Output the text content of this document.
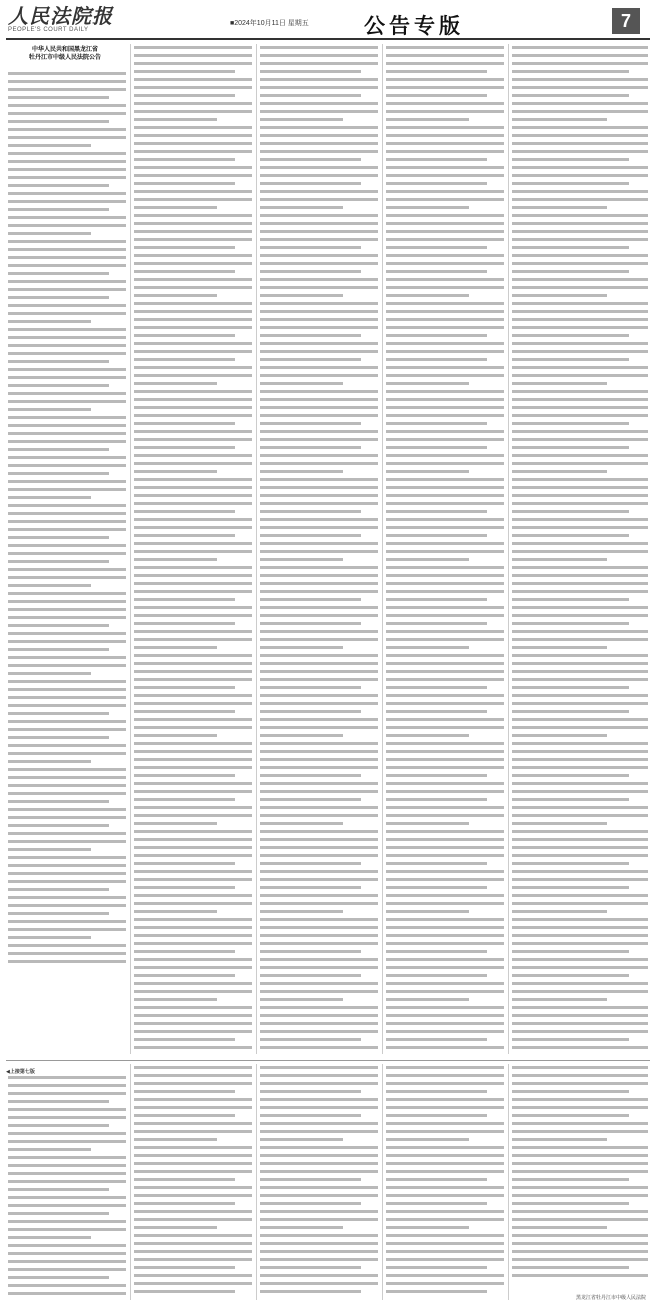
人民法院报
PEOPLE'S COURT DAILY
■2024年10月11日 星期五	公告专版	7
中华人民共和国黑龙江省
牡丹江市中级人民法院公告
◀上接第七版
黑龙江省牡丹江市中级人民法院
